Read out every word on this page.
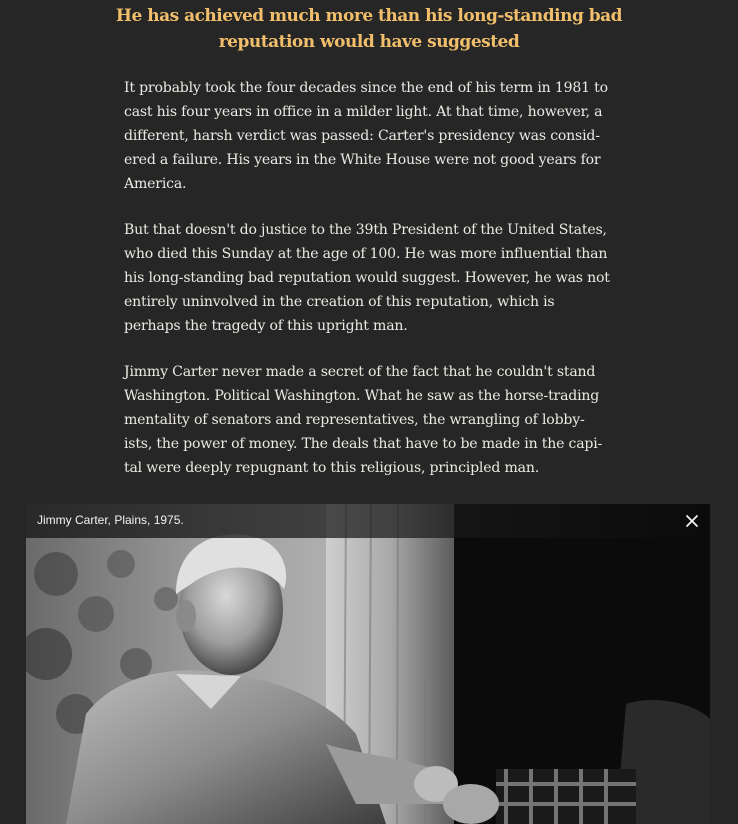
He has achieved much more than his long-standing bad reputation would have suggested

It probably took the four decades since the end of his term in 1981 to cast his four years in office in a milder light. At that time, however, a different, harsh verdict was passed: Carter's presidency was consid-ered a failure. His years in the White House were not good years for America.

But that doesn't do justice to the 39th President of the United States, who died this Sunday at the age of 100. He was more influential than his long-standing bad reputation would suggest. However, he was not entirely uninvolved in the creation of this reputation, which is perhaps the tragedy of this upright man.

Jimmy Carter never made a secret of the fact that he couldn't stand Washington. Political Washington. What he saw as the horse-trading mentality of senators and representatives, the wrangling of lobby-ists, the power of money. The deals that have to be made in the capi-tal were deeply repugnant to this religious, principled man.

Jimmy Carter, Plains, 1975.
